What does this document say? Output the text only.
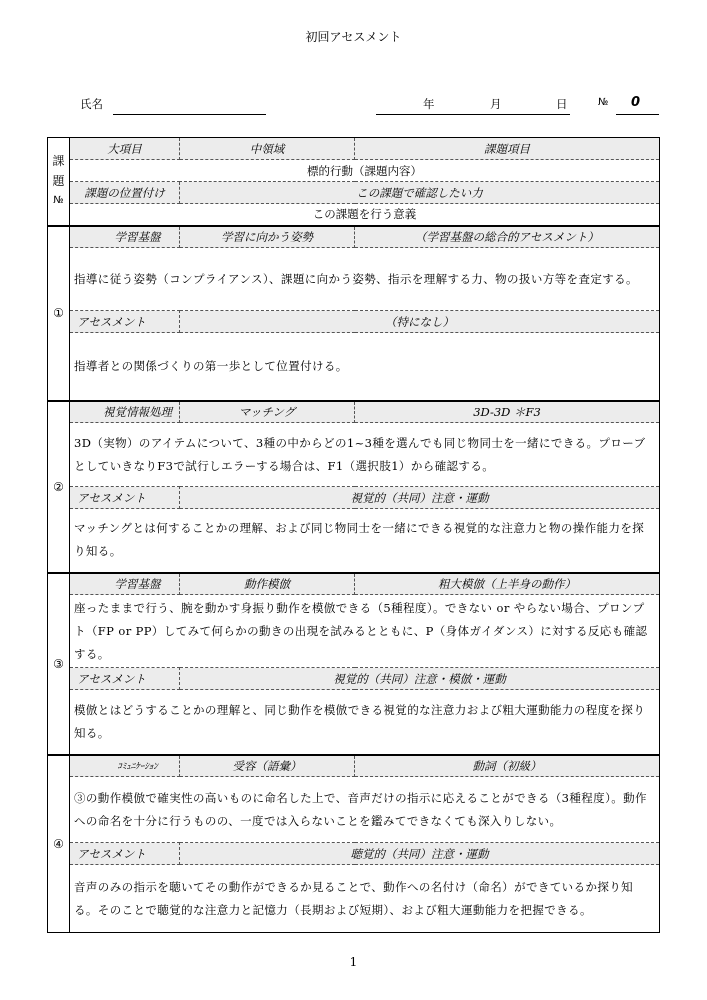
初回アセスメント
氏名	年	月	日	№ 0
課
題
№	大項目	中領域	課題項目
	標的行動（課題内容）		
	課題の位置付け	この課題で確認したい力	
	この課題を行う意義		
①	学習基盤	学習に向かう姿勢	（学習基盤の総合的アセスメント）
	指導に従う姿勢（コンプライアンス）、課題に向かう姿勢、指示を理解する力、物の扱い方等を査定する。		
	アセスメント	（特になし）	
	指導者との関係づくりの第一歩として位置付ける。		
②	視覚情報処理	マッチング	3D-3D ＊F3
	3D（実物）のアイテムについて、3種の中からどの1~3種を選んでも同じ物同士を一緒にできる。プローブとしていきなりF3で試行しエラーする場合は、F1（選択肢1）から確認する。		
	アセスメント	視覚的（共同）注意・運動	
	マッチングとは何することかの理解、および同じ物同士を一緒にできる視覚的な注意力と物の操作能力を探り知る。		
③	学習基盤	動作模倣	粗大模倣（上半身の動作）
	座ったままで行う、腕を動かす身振り動作を模倣できる（5種程度）。できない or やらない場合、プロンプト（FP or PP）してみて何らかの動きの出現を試みるとともに、P（身体ガイダンス）に対する反応も確認する。		
	アセスメント	視覚的（共同）注意・模倣・運動	
	模倣とはどうすることかの理解と、同じ動作を模倣できる視覚的な注意力および粗大運動能力の程度を探り知る。		
④	ｺﾐｭﾆｹｰｼｮﾝ	受容（語彙）	動詞（初級）
	③の動作模倣で確実性の高いものに命名した上で、音声だけの指示に応えることができる（3種程度）。動作への命名を十分に行うものの、一度では入らないことを鑑みてできなくても深入りしない。		
	アセスメント	聴覚的（共同）注意・運動	
	音声のみの指示を聴いてその動作ができるか見ることで、動作への名付け（命名）ができているか探り知る。そのことで聴覚的な注意力と記憶力（長期および短期）、および粗大運動能力を把握できる。		
1
